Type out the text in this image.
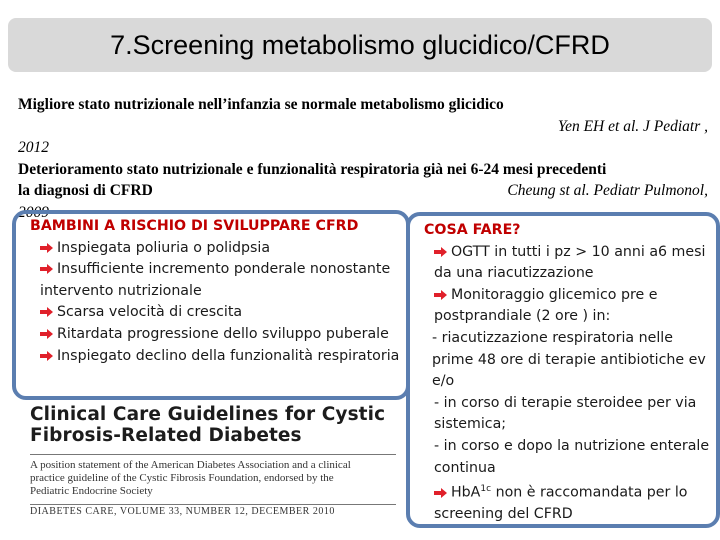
7.Screening metabolismo glucidico/CFRD
Migliore stato nutrizionale nell’infanzia se normale metabolismo glicidico
Yen EH et al. J Pediatr ,
2012
Deterioramento stato nutrizionale e funzionalità respiratoria già nei 6-24 mesi precedenti
la diagnosi di CFRD	Cheung st al. Pediatr Pulmonol,
2009
BAMBINI A RISCHIO DI SVILUPPARE CFRD

Inspiegata poliuria o polidpsia

Insufficiente incremento ponderale nonostante intervento nutrizionale

Scarsa velocità di crescita

Ritardata progressione dello sviluppo puberale

Inspiegato declino della funzionalità respiratoria

COSA FARE?

OGTT in tutti i pz > 10 anni a6 mesi da una riacutizzazione

Monitoraggio glicemico pre e postprandiale (2 ore ) in:

- riacutizzazione respiratoria nelle prime 48 ore di terapie antibiotiche ev e/o

- in corso di terapie steroidee per via sistemica;

- in corso e dopo la nutrizione enterale continua

HbA$^{1c}$ non è raccomandata per lo screening del CFRD

Clinical Care Guidelines for Cystic
Fibrosis-Related Diabetes
A position statement of the American Diabetes Association and a clinical practice guideline of the Cystic Fibrosis Foundation, endorsed by the Pediatric Endocrine Society
DIABETES CARE, VOLUME 33, NUMBER 12, DECEMBER 2010
